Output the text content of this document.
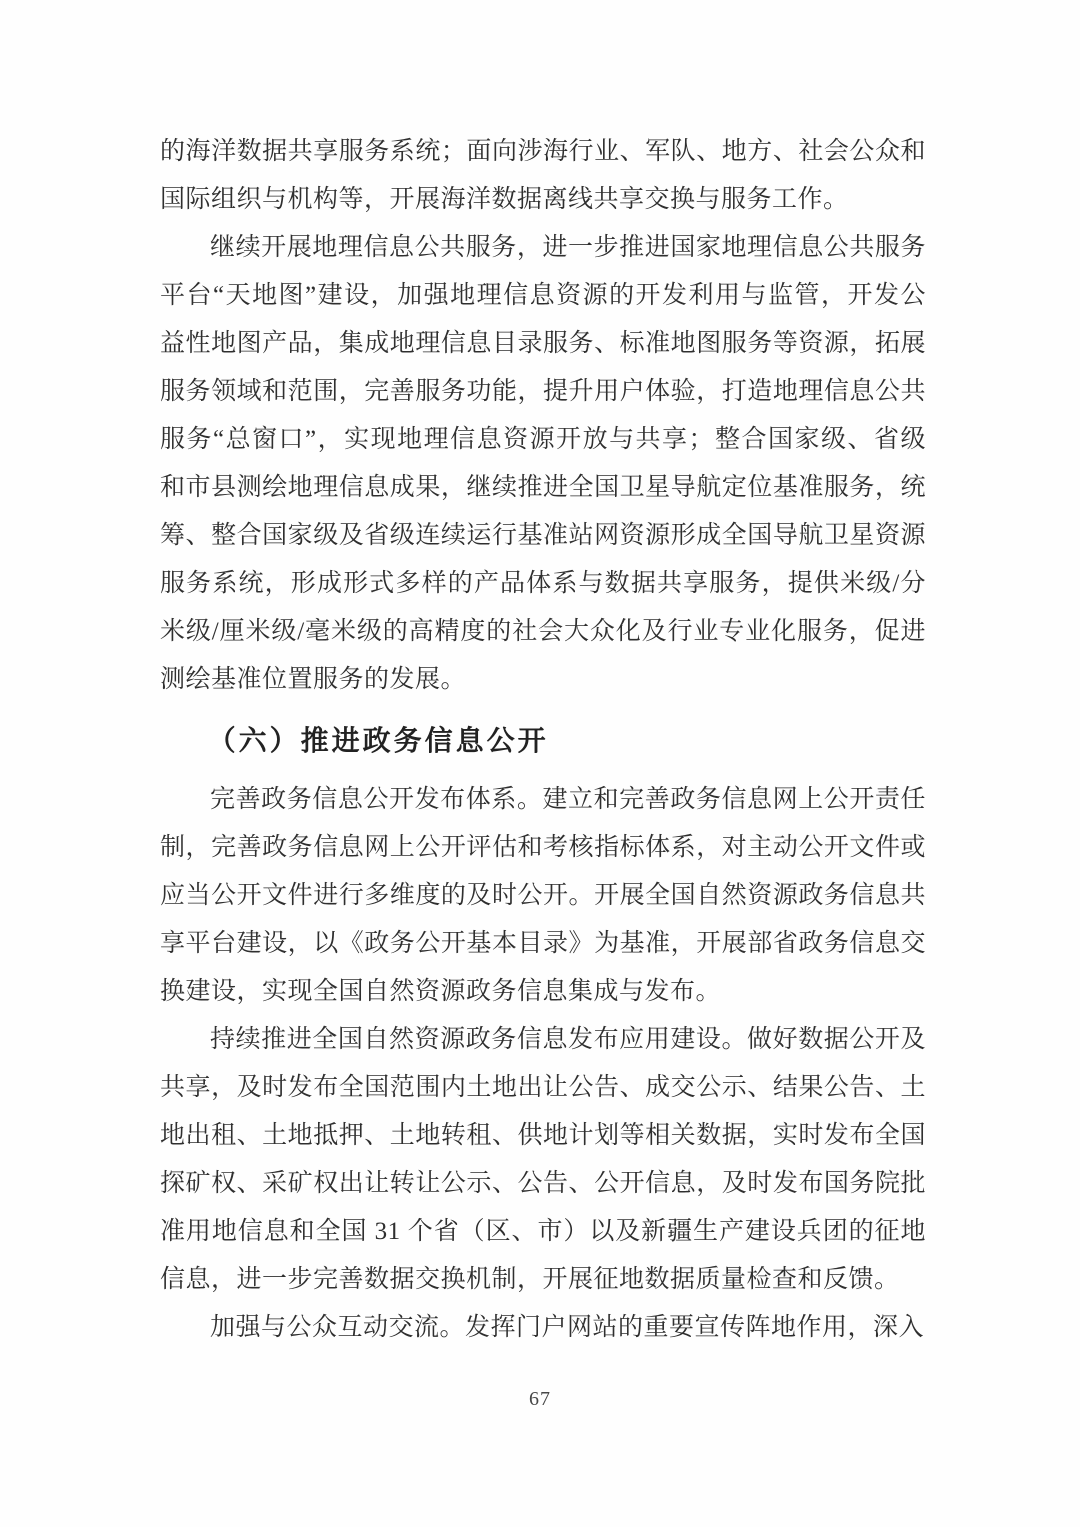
的海洋数据共享服务系统；面向涉海行业、军队、地方、社会公众和
国际组织与机构等，开展海洋数据离线共享交换与服务工作。
继续开展地理信息公共服务，进一步推进国家地理信息公共服务
平台“天地图”建设，加强地理信息资源的开发利用与监管，开发公
益性地图产品，集成地理信息目录服务、标准地图服务等资源，拓展
服务领域和范围，完善服务功能，提升用户体验，打造地理信息公共
服务“总窗口”，实现地理信息资源开放与共享；整合国家级、省级
和市县测绘地理信息成果，继续推进全国卫星导航定位基准服务，统
筹、整合国家级及省级连续运行基准站网资源形成全国导航卫星资源
服务系统，形成形式多样的产品体系与数据共享服务，提供米级/分
米级/厘米级/毫米级的高精度的社会大众化及行业专业化服务，促进
测绘基准位置服务的发展。
（六）推进政务信息公开
完善政务信息公开发布体系。建立和完善政务信息网上公开责任
制，完善政务信息网上公开评估和考核指标体系，对主动公开文件或
应当公开文件进行多维度的及时公开。开展全国自然资源政务信息共
享平台建设，以《政务公开基本目录》为基准，开展部省政务信息交
换建设，实现全国自然资源政务信息集成与发布。
持续推进全国自然资源政务信息发布应用建设。做好数据公开及
共享，及时发布全国范围内土地出让公告、成交公示、结果公告、土
地出租、土地抵押、土地转租、供地计划等相关数据，实时发布全国
探矿权、采矿权出让转让公示、公告、公开信息，及时发布国务院批
准用地信息和全国 31 个省（区、市）以及新疆生产建设兵团的征地
信息，进一步完善数据交换机制，开展征地数据质量检查和反馈。
加强与公众互动交流。发挥门户网站的重要宣传阵地作用，深入
67
